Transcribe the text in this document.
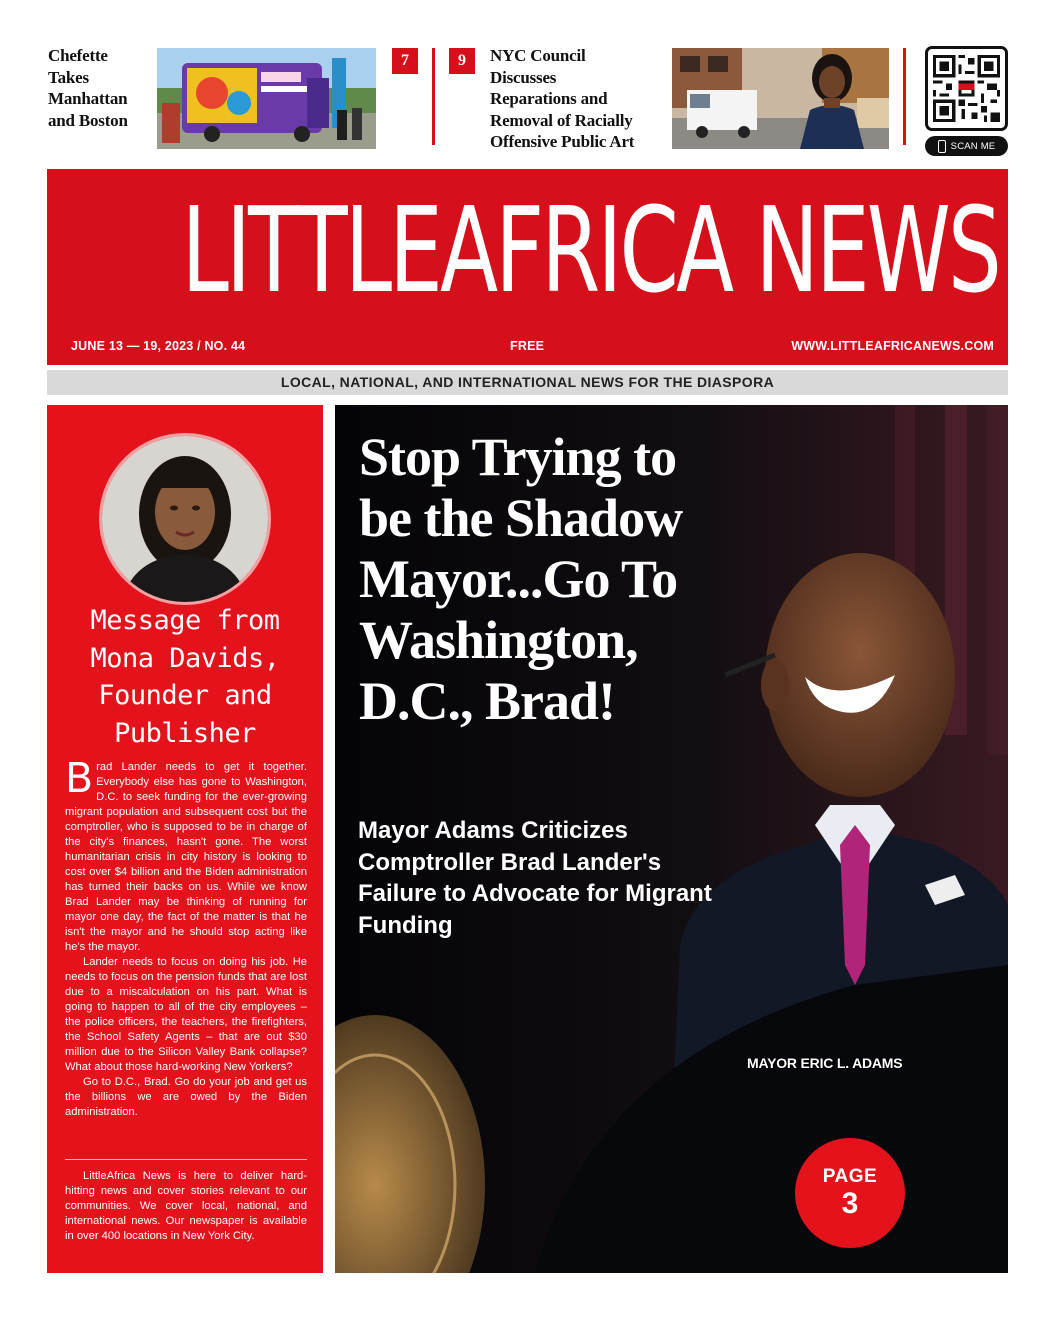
Chefette
Takes
Manhattan
and Boston
7	9	NYC Council
Discusses
Reparations and
Removal of Racially
Offensive Public Art	SCAN ME
LITTLEAFRICA NEWS
JUNE 13 — 19, 2023 / NO. 44	FREE	WWW.LITTLEAFRICANEWS.COM
LOCAL, NATIONAL, AND INTERNATIONAL NEWS FOR THE DIASPORA
Message from Mona Davids, Founder and Publisher

Brad Lander needs to get it together. Everybody else has gone to Washington, D.C. to seek funding for the ever-growing migrant population and subsequent cost but the comptroller, who is supposed to be in charge of the city's finances, hasn't gone. The worst humanitarian crisis in city history is looking to cost over $4 billion and the Biden administration has turned their backs on us. While we know Brad Lander may be thinking of running for mayor one day, the fact of the matter is that he isn't the mayor and he should stop acting like he's the mayor.

Lander needs to focus on doing his job. He needs to focus on the pension funds that are lost due to a miscalculation on his part. What is going to happen to all of the city employees – the police officers, the teachers, the firefighters, the School Safety Agents – that are out $30 million due to the Silicon Valley Bank collapse? What about those hard-working New Yorkers?

Go to D.C., Brad. Go do your job and get us the billions we are owed by the Biden administration.

LittleAfrica News is here to deliver hard-hitting news and cover stories relevant to our communities. We cover local, national, and international news. Our newspaper is available in over 400 locations in New York City.
Stop Trying to be the Shadow Mayor...Go To Washington, D.C., Brad!
Mayor Adams Criticizes Comptroller Brad Lander's Failure to Advocate for Migrant Funding
MAYOR ERIC L. ADAMS
PAGE
3
